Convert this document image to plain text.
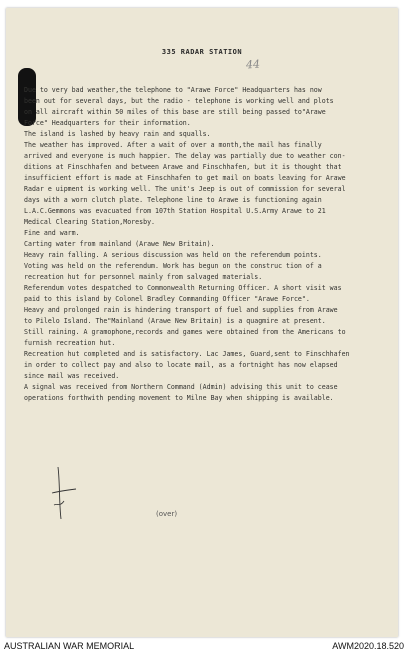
44
335 RADAR STATION

Due to very bad weather,the telephone to "Arawe Force" Headquarters has now
been out for several days, but the radio - telephone is working well and plots
on all aircraft within 50 miles of this base are still being passed to"Arawe
Force" Headquarters for their information.

The island is lashed by heavy rain and squalls.

The weather has improved. After a wait of over a month,the mail has finally
arrived and everyone is much happier. The delay was partially due to weather con-
ditions at Finschhafen and between Arawe and Finschhafen, but it is thought that
insufficient effort is made at Finschhafen to get mail on boats leaving for Arawe

Radar e uipment is working well. The unit's Jeep is out of commission for several
days with a worn clutch plate. Telephone line to Arawe is functioning again

L.A.C.Gemmons was evacuated from 107th Station Hospital U.S.Army Arawe to 21
Medical Clearing Station,Moresby.

Fine and warm.

Carting water from mainland (Arawe New Britain).

Heavy rain falling. A serious discussion was held on the referendum points.

Voting was held on the referendum. Work has begun on the construc tion of a
recreation hut for personnel mainly from salvaged materials.

Referendum votes despatched to Commonwealth Returning Officer. A short visit was
paid to this island by Colonel Bradley Commanding Officer "Arawe Force".

Heavy and prolonged rain is hindering transport of fuel and supplies from Arawe
to Pilelo Island. The"Mainland (Arawe New Britain) is a quagmire at present.

Still raining. A gramophone,records and games were obtained from the Americans to
furnish recreation hut.

Recreation hut completed and is satisfactory. Lac James, Guard,sent to Finschhafen
in order to collect pay and also to locate mail, as a fortnight has now elapsed
since mail was received.

A signal was received from Northern Command (Admin) advising this unit to cease
operations forthwith pending movement to Milne Bay when shipping is available.

(over)
AUSTRALIAN WAR MEMORIAL	AWM2020.18.520
